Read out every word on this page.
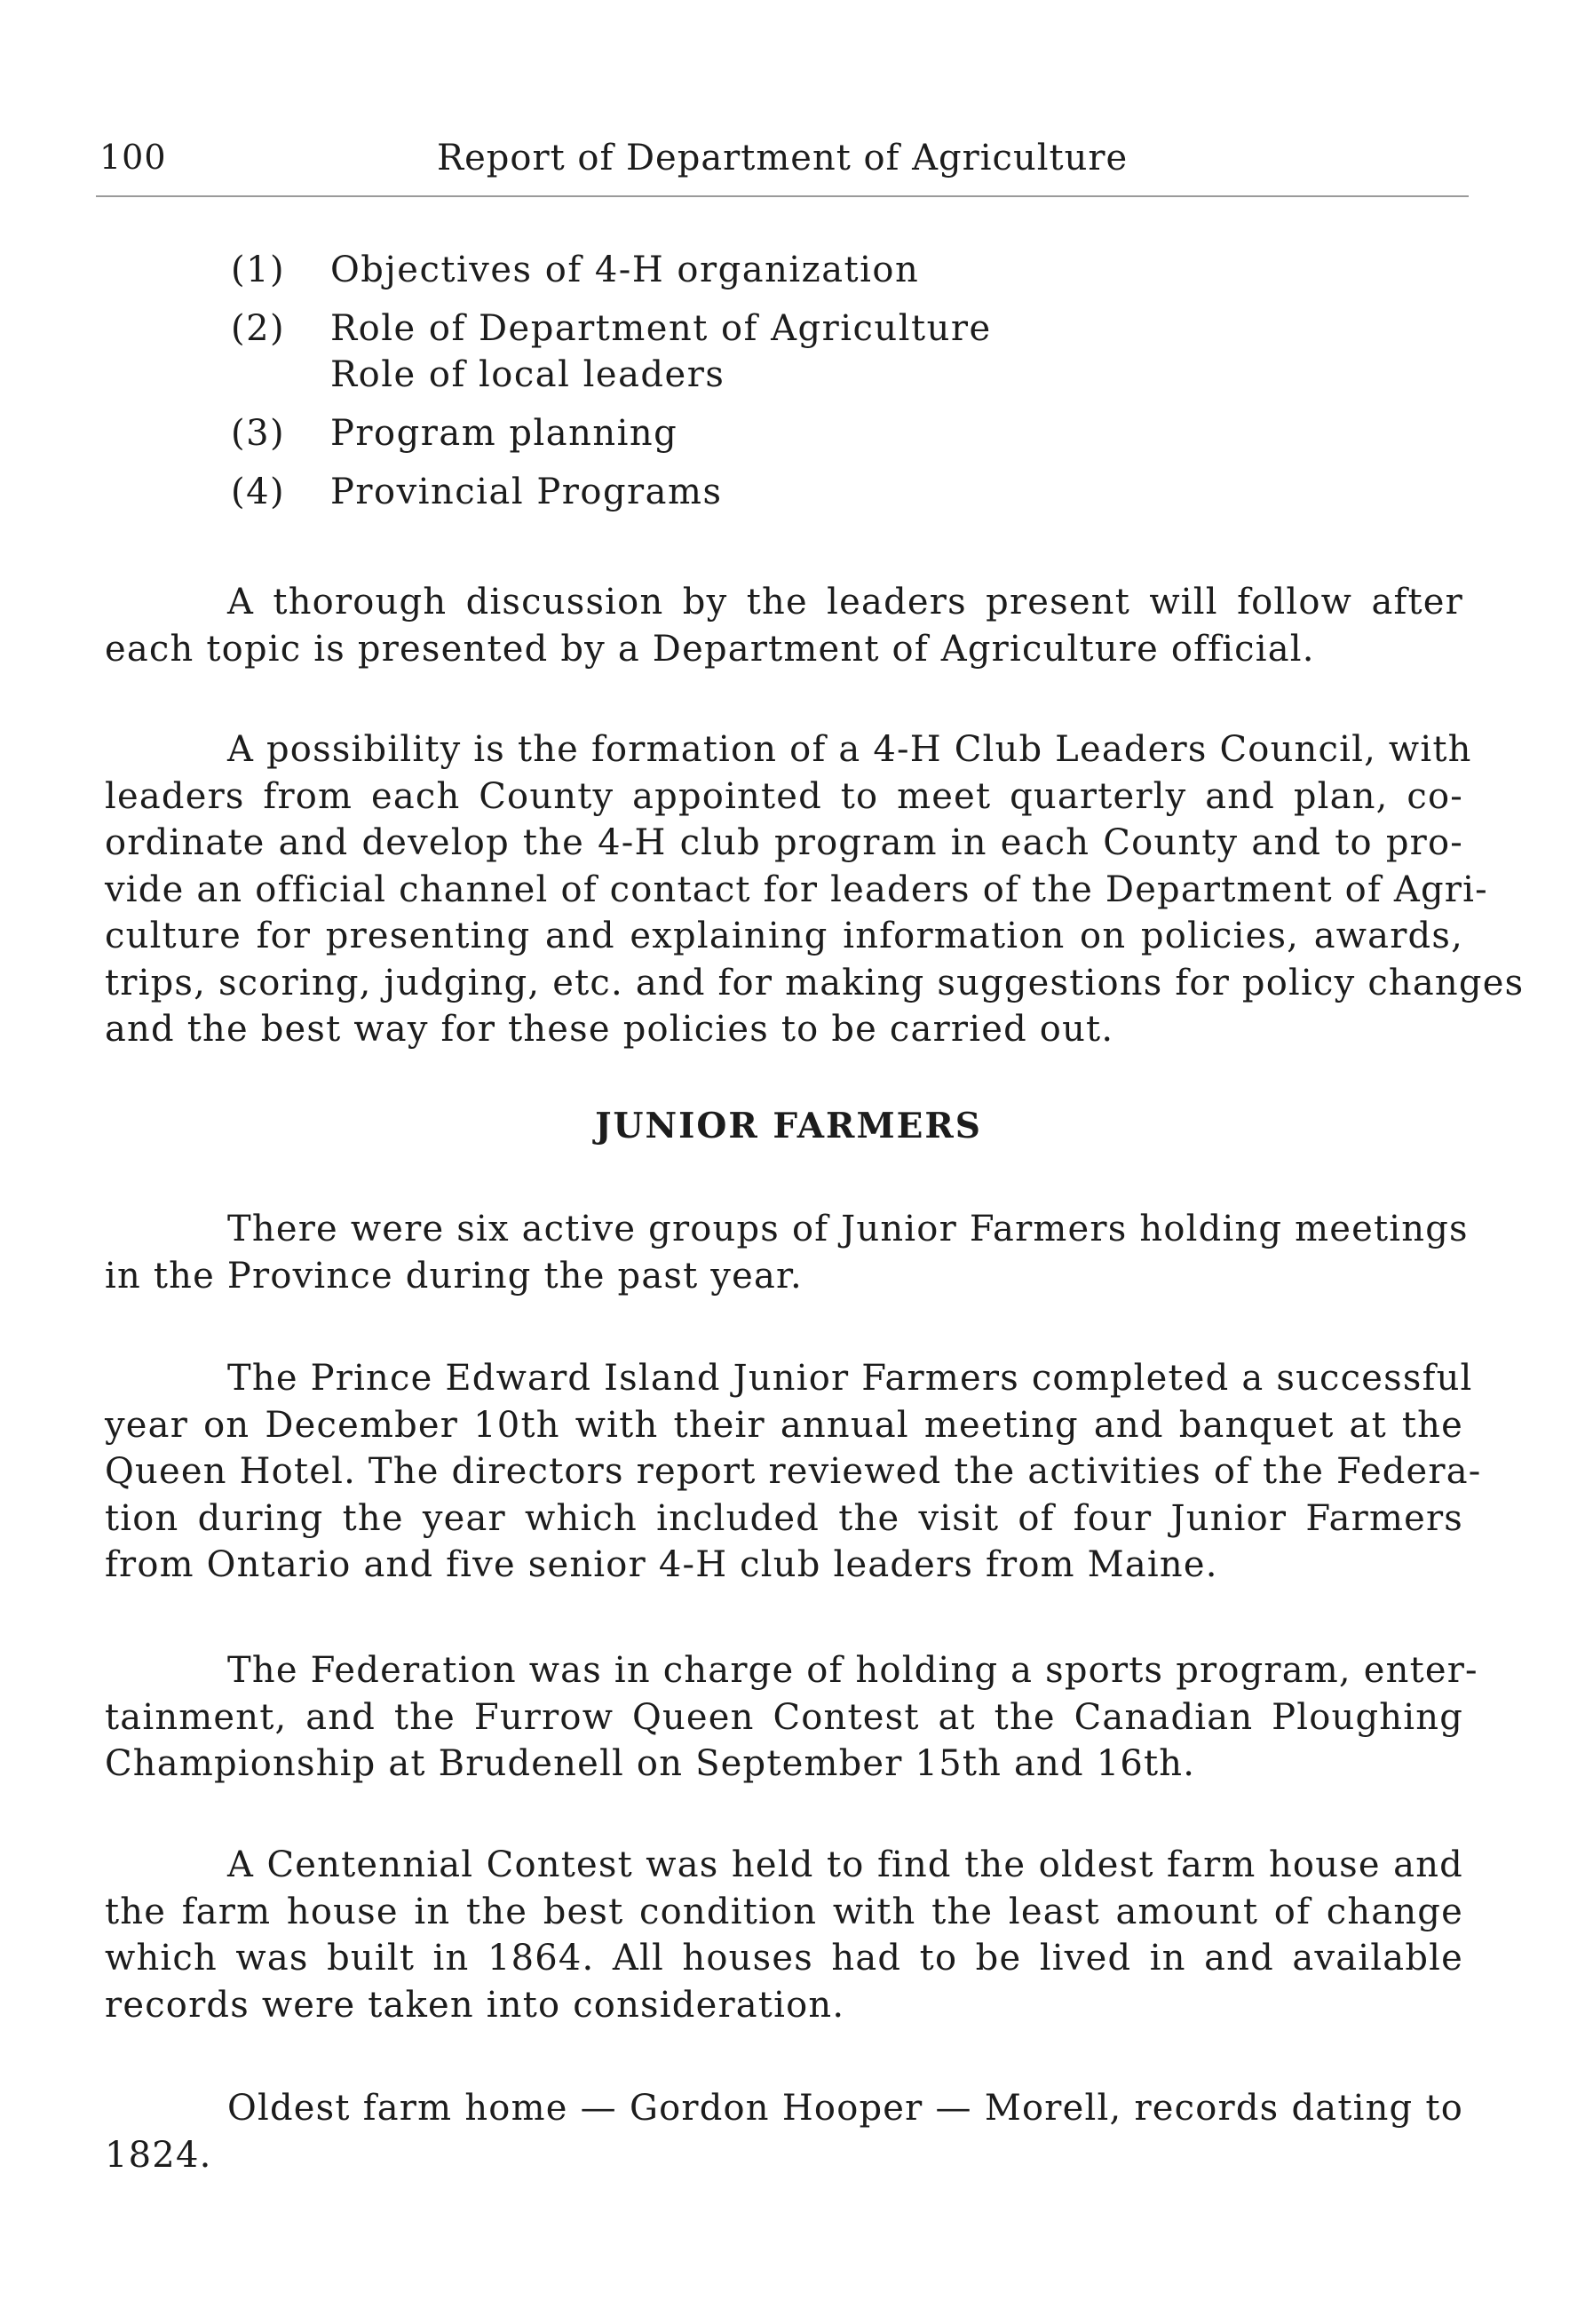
100	Report of Department of Agriculture
(1) Objectives of 4-H organization
(2) Role of Department of Agriculture
Role of local leaders
(3) Program planning
(4) Provincial Programs
A thorough discussion by the leaders present will follow after
each topic is presented by a Department of Agriculture official.
A possibility is the formation of a 4-H Club Leaders Council, with
leaders from each County appointed to meet quarterly and plan, co-
ordinate and develop the 4-H club program in each County and to pro-
vide an official channel of contact for leaders of the Department of Agri-
culture for presenting and explaining information on policies, awards,
trips, scoring, judging, etc. and for making suggestions for policy changes
and the best way for these policies to be carried out.
JUNIOR FARMERS
There were six active groups of Junior Farmers holding meetings
in the Province during the past year.
The Prince Edward Island Junior Farmers completed a successful
year on December 10th with their annual meeting and banquet at the
Queen Hotel. The directors report reviewed the activities of the Federa-
tion during the year which included the visit of four Junior Farmers
from Ontario and five senior 4-H club leaders from Maine.
The Federation was in charge of holding a sports program, enter-
tainment, and the Furrow Queen Contest at the Canadian Ploughing
Championship at Brudenell on September 15th and 16th.
A Centennial Contest was held to find the oldest farm house and
the farm house in the best condition with the least amount of change
which was built in 1864. All houses had to be lived in and available
records were taken into consideration.
Oldest farm home — Gordon Hooper — Morell, records dating to
1824.
